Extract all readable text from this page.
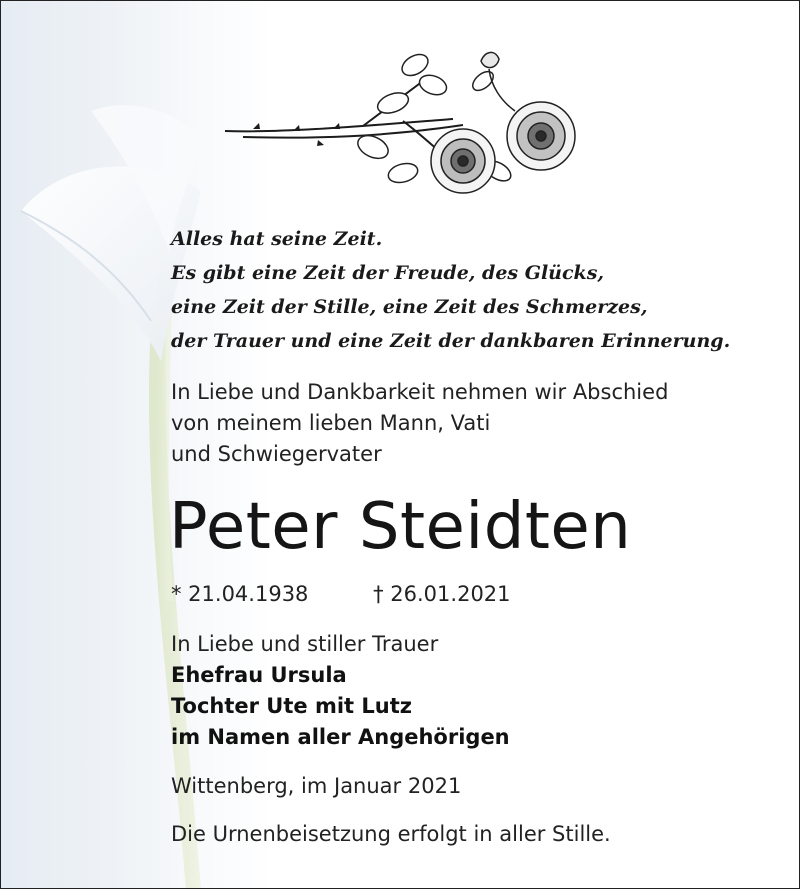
Alles hat seine Zeit.
Es gibt eine Zeit der Freude, des Glücks,
eine Zeit der Stille, eine Zeit des Schmerzes,
der Trauer und eine Zeit der dankbaren Erinnerung.
In Liebe und Dankbarkeit nehmen wir Abschied
von meinem lieben Mann, Vati
und Schwiegervater
Peter Steidten
* 21.04.1938	† 26.01.2021
In Liebe und stiller Trauer
Ehefrau Ursula
Tochter Ute mit Lutz
im Namen aller Angehörigen
Wittenberg, im Januar 2021
Die Urnenbeisetzung erfolgt in aller Stille.
